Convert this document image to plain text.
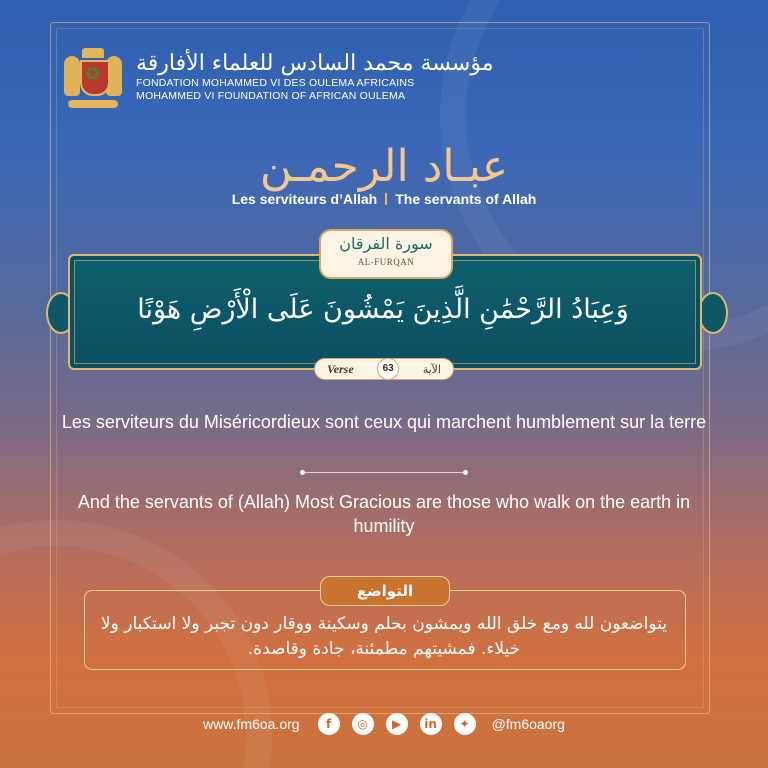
✪ مؤسسة محمد السادس للعلماء الأفارقة
FONDATION MOHAMMED VI DES OULEMA AFRICAINS
MOHAMMED VI FOUNDATION OF AFRICAN OULEMA
عبـاد الرحمـن
Les serviteurs d’Allah The servants of Allah
سورة الفرقان
AL-FURQAN
وَعِبَادُ الرَّحْمَٰنِ الَّذِينَ يَمْشُونَ عَلَى الْأَرْضِ هَوْنًا
Verse	63	الآية
Les serviteurs du Miséricordieux sont ceux qui marchent humblement sur la terre
And the servants of (Allah) Most Gracious are those who walk on the earth in humility
التواضع
يتواضعون لله ومع خلق الله ويمشون بحلم وسكينة ووقار دون تجبر ولا استكبار ولا خيلاء. فمشيتهم مطمئنة، جادة وقاصدة.
www.fm6oa.org	f	◎	▶	in	✦	@fm6oaorg
